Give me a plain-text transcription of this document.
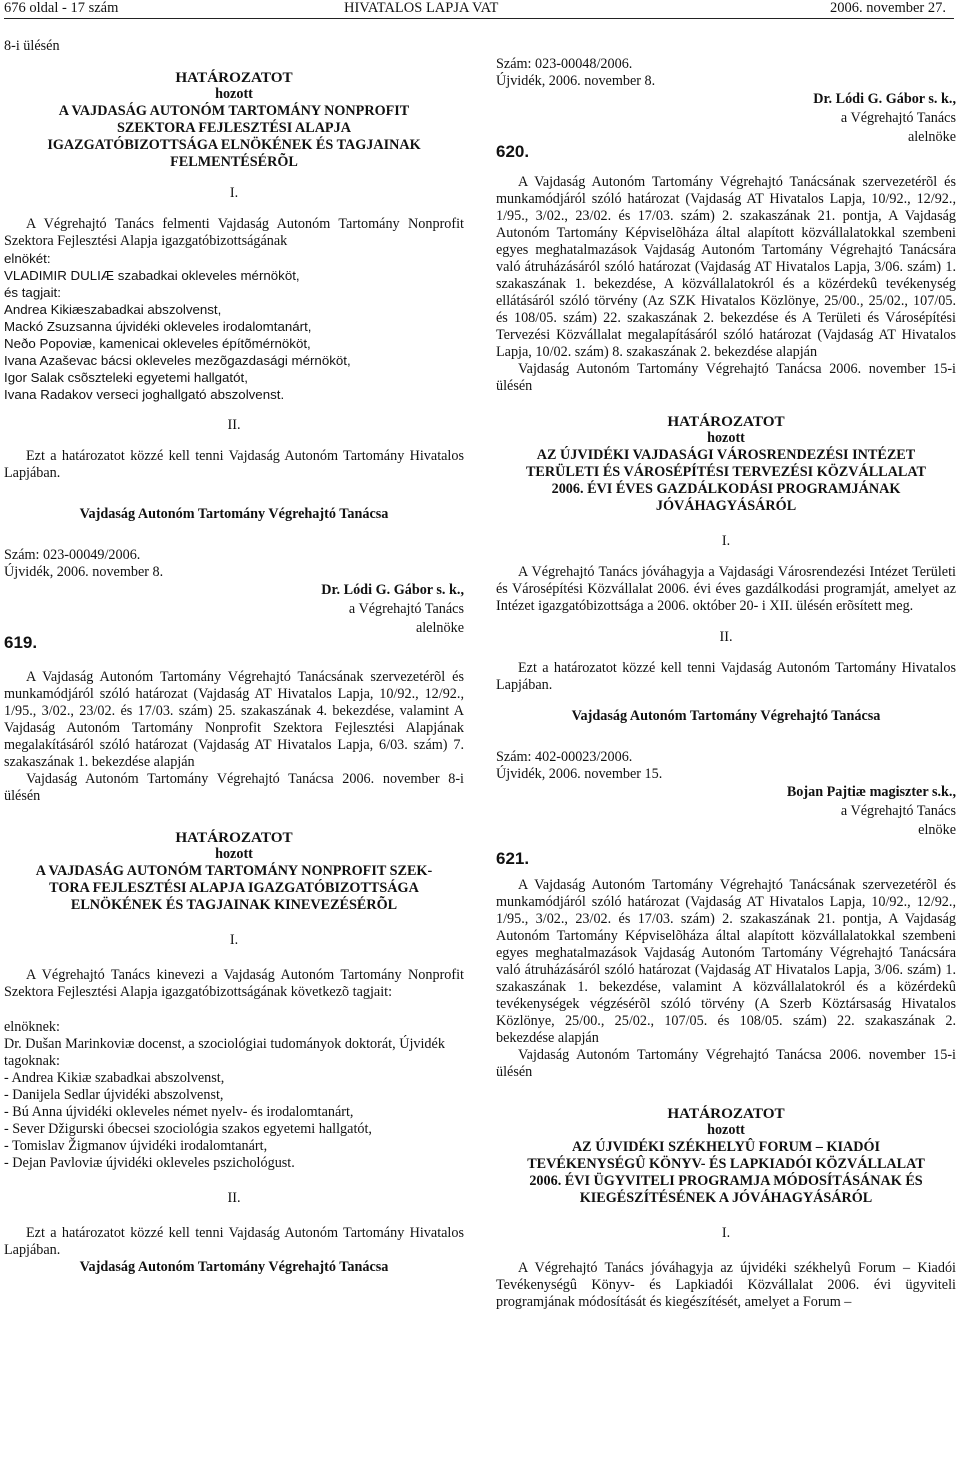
676 oldal - 17 szám	HIVATALOS LAPJA VAT	2006. november 27.

8-i ülésén

HATÁROZATOT

hozott

A VAJDASÁG AUTONÓM TARTOMÁNY NONPROFIT

SZEKTORA FEJLESZTÉSI ALAPJA

IGAZGATÓBIZOTTSÁGA ELNÖKÉNEK ÉS TAGJAINAK

FELMENTÉSÉRÕL

I.

A Végrehajtó Tanács felmenti Vajdaság Autonóm Tartomány Nonprofit Szektora Fejlesztési Alapja igazgatóbizottságának

elnökét:

VLADIMIR DULIÆ szabadkai okleveles mérnököt,

és tagjait:

Andrea Kikiæszabadkai abszolvenst,

Mackó Zsuzsanna újvidéki okleveles irodalomtanárt,

Neðo Popoviæ, kamenicai okleveles építõmérnököt,

Ivana Azaševac bácsi okleveles mezõgazdasági mérnököt,

Igor Salak csõszteleki egyetemi hallgatót,

Ivana Radakov verseci joghallgató abszolvenst.

II.

Ezt a határozatot közzé kell tenni Vajdaság Autonóm Tartomány Hivatalos Lapjában.

Vajdaság Autonóm Tartomány Végrehajtó Tanácsa

Szám: 023-00049/2006.

Újvidék, 2006. november 8.

Dr. Lódi G. Gábor s. k.,
a Végrehajtó Tanács
alelnöke
619.

A Vajdaság Autonóm Tartomány Végrehajtó Tanácsának szervezetérõl és munkamódjáról szóló határozat (Vajdaság AT Hivatalos Lapja, 10/92., 12/92., 1/95., 3/02., 23/02. és 17/03. szám) 25. szakaszának 4. bekezdése, valamint A Vajdaság Autonóm Tartomány Nonprofit Szektora Fejlesztési Alapjának megalakításáról szóló határozat (Vajdaság AT Hivatalos Lapja, 6/03. szám) 7. szakaszának 1. bekezdése alapján

Vajdaság Autonóm Tartomány Végrehajtó Tanácsa 2006. november 8-i ülésén

HATÁROZATOT

hozott

A VAJDASÁG AUTONÓM TARTOMÁNY NONPROFIT SZEK-

TORA FEJLESZTÉSI ALAPJA IGAZGATÓBIZOTTSÁGA

ELNÖKÉNEK ÉS TAGJAINAK KINEVEZÉSÉRÕL

I.

A Végrehajtó Tanács kinevezi a Vajdaság Autonóm Tartomány Nonprofit Szektora Fejlesztési Alapja igazgatóbizottságának következõ tagjait:

elnöknek:

Dr. Dušan Marinkoviæ docenst, a szociológiai tudományok doktorát, Újvidék

tagoknak:

- Andrea Kikiæ szabadkai abszolvenst,
- Danijela Sedlar újvidéki abszolvenst,
- Bú Anna újvidéki okleveles német nyelv- és irodalomtanárt,
- Sever Džigurski óbecsei szociológia szakos egyetemi hallgatót,
- Tomislav Žigmanov újvidéki irodalomtanárt,
- Dejan Pavloviæ újvidéki okleveles pszichológust.

II.

Ezt a határozatot közzé kell tenni Vajdaság Autonóm Tartomány Hivatalos Lapjában.

Vajdaság Autonóm Tartomány Végrehajtó Tanácsa

Szám: 023-00048/2006.

Újvidék, 2006. november 8.

Dr. Lódi G. Gábor s. k.,
a Végrehajtó Tanács
alelnöke
620.

A Vajdaság Autonóm Tartomány Végrehajtó Tanácsának szervezetérõl és munkamódjáról szóló határozat (Vajdaság AT Hivatalos Lapja, 10/92., 12/92., 1/95., 3/02., 23/02. és 17/03. szám) 2. szakaszának 21. pontja, A Vajdaság Autonóm Tartomány Képviselõháza által alapított közvállalatokkal szembeni egyes meghatalmazások Vajdaság Autonóm Tartomány Végrehajtó Tanácsára való átruházásáról szóló határozat (Vajdaság AT Hivatalos Lapja, 3/06. szám) 1. szakaszának 1. bekezdése, A közvállalatokról és a közérdekû tevékenység ellátásáról szóló törvény (Az SZK Hivatalos Közlönye, 25/00., 25/02., 107/05. és 108/05. szám) 22. szakaszának 2. bekezdése és A Területi és Városépítési Tervezési Közvállalat megalapításáról szóló határozat (Vajdaság AT Hivatalos Lapja, 10/02. szám) 8. szakaszának 2. bekezdése alapján

Vajdaság Autonóm Tartomány Végrehajtó Tanácsa 2006. november 15-i ülésén

HATÁROZATOT

hozott

AZ ÚJVIDÉKI VAJDASÁGI VÁROSRENDEZÉSI INTÉZET

TERÜLETI ÉS VÁROSÉPÍTÉSI TERVEZÉSI KÖZVÁLLALAT

2006. ÉVI ÉVES GAZDÁLKODÁSI PROGRAMJÁNAK

JÓVÁHAGYÁSÁRÓL

I.

A Végrehajtó Tanács jóváhagyja a Vajdasági Városrendezési Intézet Területi és Városépítési Közvállalat 2006. évi éves gazdálkodási programját, amelyet az Intézet igazgatóbizottsága a 2006. október 20- i XII. ülésén erõsített meg.

II.

Ezt a határozatot közzé kell tenni Vajdaság Autonóm Tartomány Hivatalos Lapjában.

Vajdaság Autonóm Tartomány Végrehajtó Tanácsa

Szám: 402-00023/2006.

Újvidék, 2006. november 15.

Bojan Pajtiæ magiszter s.k.,
a Végrehajtó Tanács
elnöke
621.

A Vajdaság Autonóm Tartomány Végrehajtó Tanácsának szervezetérõl és munkamódjáról szóló határozat (Vajdaság AT Hivatalos Lapja, 10/92., 12/92., 1/95., 3/02., 23/02. és 17/03. szám) 2. szakaszának 21. pontja, A Vajdaság Autonóm Tartomány Képviselõháza által alapított közvállalatokkal szembeni egyes meghatalmazások Vajdaság Autonóm Tartomány Végrehajtó Tanácsára való átruházásáról szóló határozat (Vajdaság AT Hivatalos Lapja, 3/06. szám) 1. szakaszának 1. bekezdése, valamint A közvállalatokról és a közérdekû tevékenységek végzésérõl szóló törvény (A Szerb Köztársaság Hivatalos Közlönye, 25/00., 25/02., 107/05. és 108/05. szám) 22. szakaszának 2. bekezdése alapján

Vajdaság Autonóm Tartomány Végrehajtó Tanácsa 2006. november 15-i ülésén

HATÁROZATOT

hozott

AZ ÚJVIDÉKI SZÉKHELYÛ FORUM – KIADÓI

TEVÉKENYSÉGÛ KÖNYV- ÉS LAPKIADÓI KÖZVÁLLALAT

2006. ÉVI ÜGYVITELI PROGRAMJA MÓDOSÍTÁSÁNAK ÉS

KIEGÉSZÍTÉSÉNEK A JÓVÁHAGYÁSÁRÓL

I.

A Végrehajtó Tanács jóváhagyja az újvidéki székhelyû Forum – Kiadói Tevékenységû Könyv- és Lapkiadói Közvállalat 2006. évi ügyviteli programjának módosítását és kiegészítését, amelyet a Forum –
